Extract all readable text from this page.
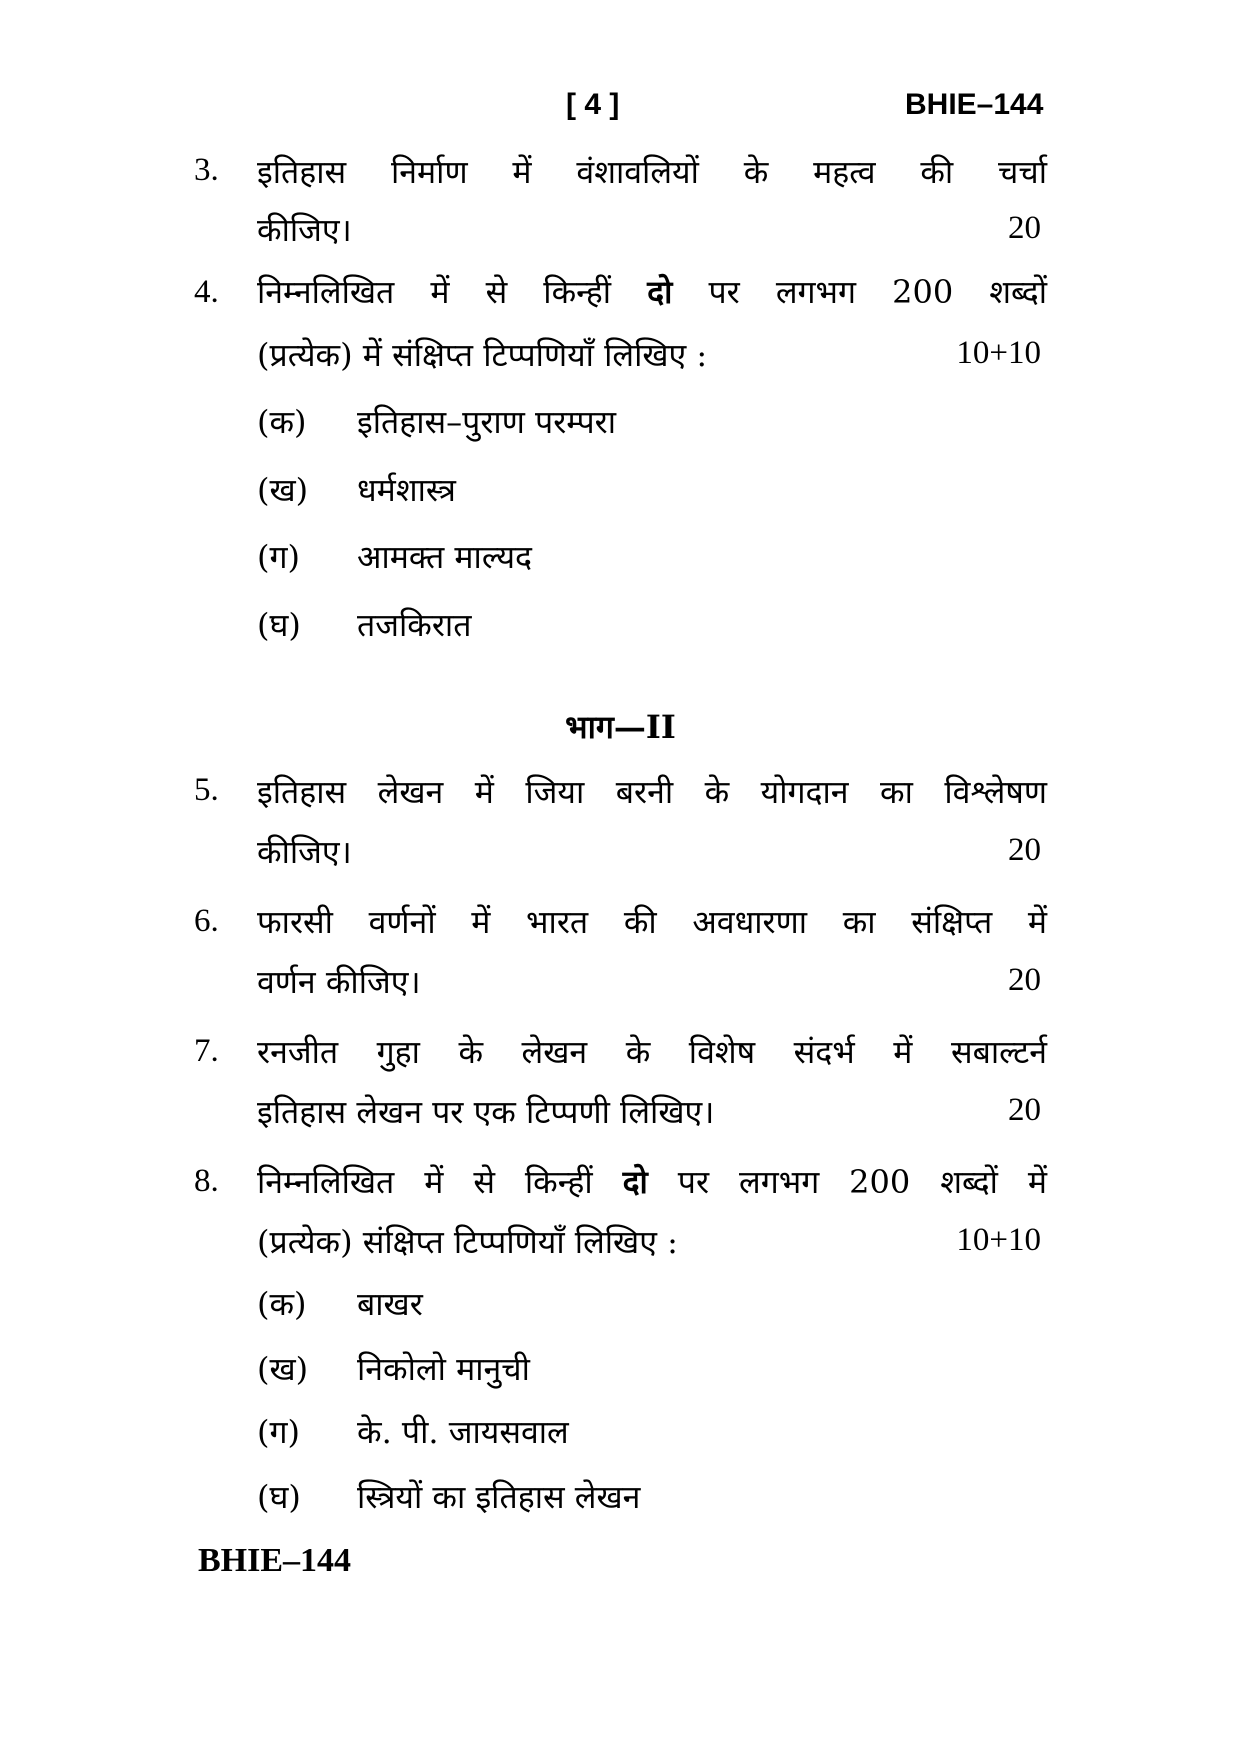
[ 4 ]	BHIE–144
3. इतिहास निर्माण में वंशावलियों के महत्व की चर्चा
कीजिए।	20
4. निम्नलिखित में से किन्हीं दो पर लगभग 200 शब्दों
(प्रत्येक) में संक्षिप्त टिप्पणियाँ लिखिए :	10+10
(क) इतिहास–पुराण परम्परा
(ख) धर्मशास्त्र
(ग) आमक्त माल्यद
(घ) तजकिरात
भाग—II
5. इतिहास लेखन में जिया बरनी के योगदान का विश्लेषण
कीजिए।	20
6. फारसी वर्णनों में भारत की अवधारणा का संक्षिप्त में
वर्णन कीजिए।	20
7. रनजीत गुहा के लेखन के विशेष संदर्भ में सबाल्टर्न
इतिहास लेखन पर एक टिप्पणी लिखिए।	20
8. निम्नलिखित में से किन्हीं दो पर लगभग 200 शब्दों में
(प्रत्येक) संक्षिप्त टिप्पणियाँ लिखिए :	10+10
(क) बाखर
(ख) निकोलो मानुची
(ग) के. पी. जायसवाल
(घ) स्त्रियों का इतिहास लेखन
BHIE–144
